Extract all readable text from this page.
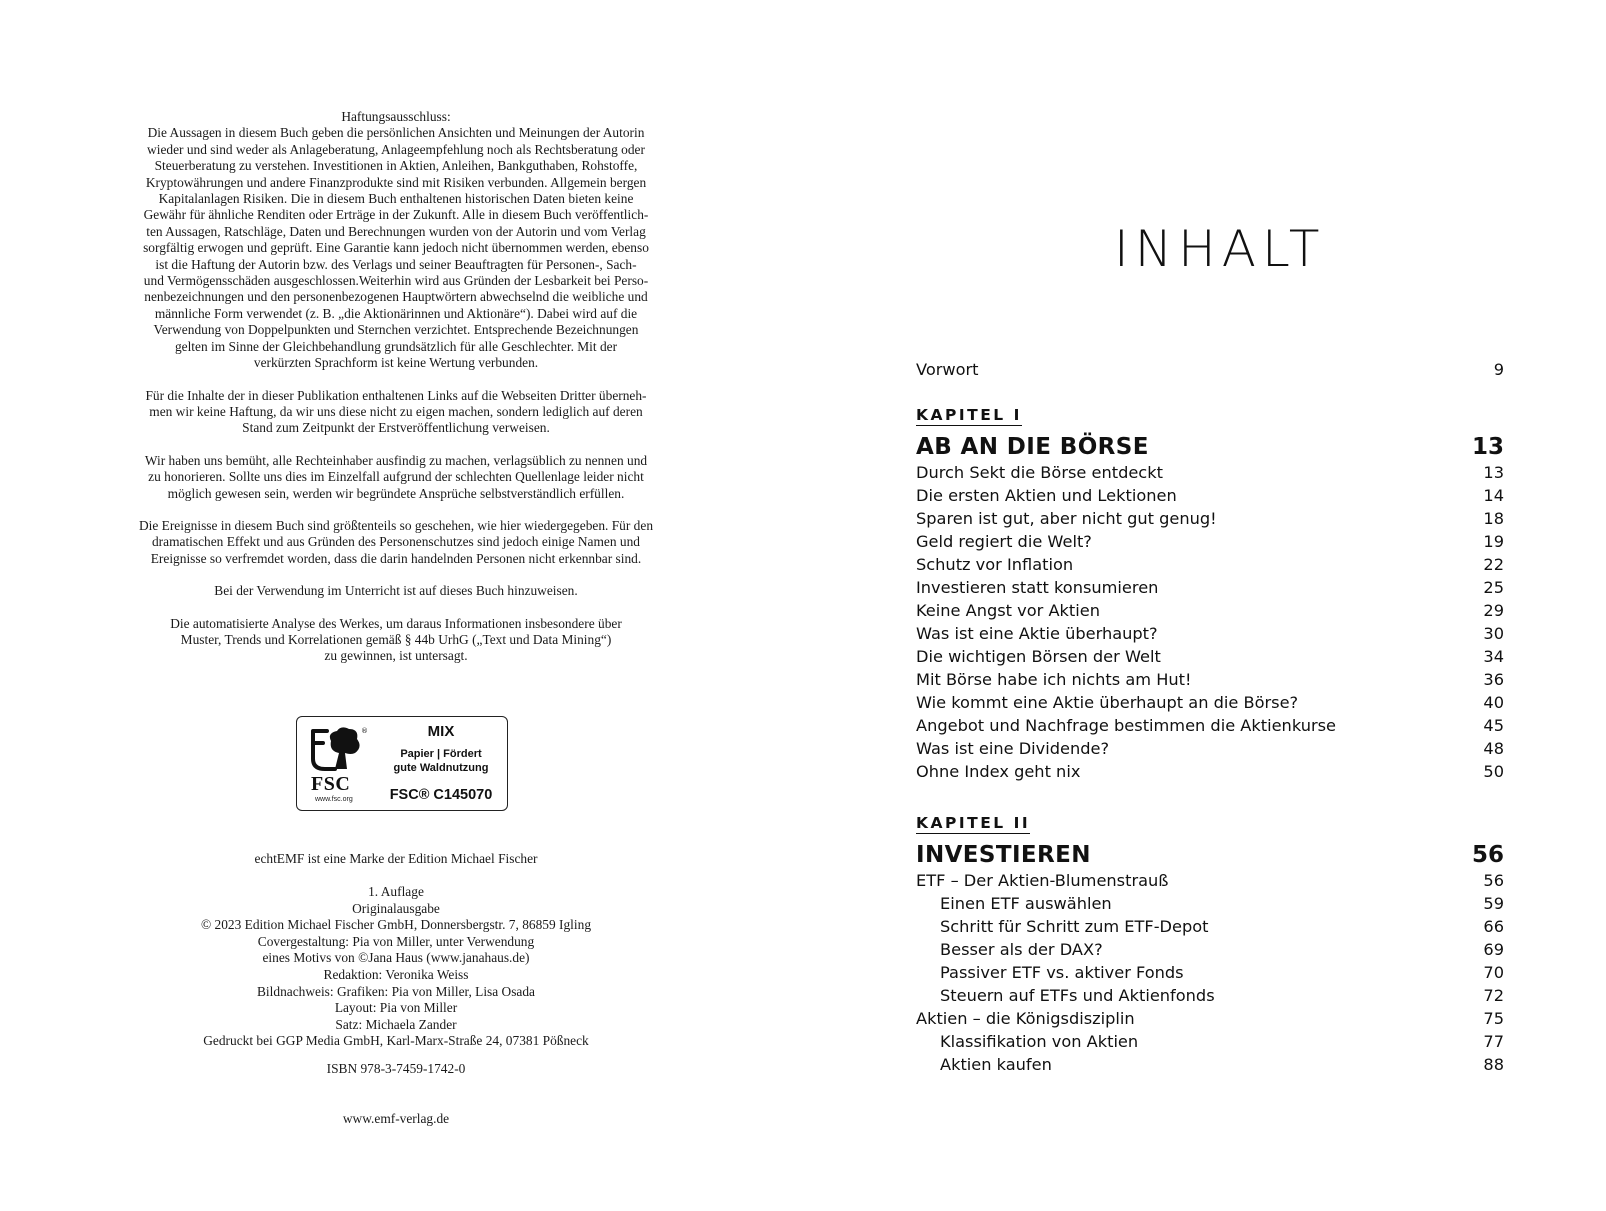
Haftungsausschluss:

Die Aussagen in diesem Buch geben die persönlichen Ansichten und Meinungen der Autorin

wieder und sind weder als Anlageberatung, Anlageempfehlung noch als Rechtsberatung oder

Steuerberatung zu verstehen. Investitionen in Aktien, Anleihen, Bankguthaben, Rohstoffe,

Kryptowährungen und andere Finanzprodukte sind mit Risiken verbunden. Allgemein bergen

Kapitalanlagen Risiken. Die in diesem Buch enthaltenen historischen Daten bieten keine

Gewähr für ähnliche Renditen oder Erträge in der Zukunft. Alle in diesem Buch veröffentlich-

ten Aussagen, Ratschläge, Daten und Berechnungen wurden von der Autorin und vom Verlag

sorgfältig erwogen und geprüft. Eine Garantie kann jedoch nicht übernommen werden, ebenso

ist die Haftung der Autorin bzw. des Verlags und seiner Beauftragten für Personen-, Sach-

und Vermögensschäden ausgeschlossen.Weiterhin wird aus Gründen der Lesbarkeit bei Perso-

nenbezeichnungen und den personenbezogenen Hauptwörtern abwechselnd die weibliche und

männliche Form verwendet (z. B. „die Aktionärinnen und Aktionäre“). Dabei wird auf die

Verwendung von Doppelpunkten und Sternchen verzichtet. Entsprechende Bezeichnungen

gelten im Sinne der Gleichbehandlung grundsätzlich für alle Geschlechter. Mit der

verkürzten Sprachform ist keine Wertung verbunden.

Für die Inhalte der in dieser Publikation enthaltenen Links auf die Webseiten Dritter überneh-

men wir keine Haftung, da wir uns diese nicht zu eigen machen, sondern lediglich auf deren

Stand zum Zeitpunkt der Erstveröffentlichung verweisen.

Wir haben uns bemüht, alle Rechteinhaber ausfindig zu machen, verlagsüblich zu nennen und

zu honorieren. Sollte uns dies im Einzelfall aufgrund der schlechten Quellenlage leider nicht

möglich gewesen sein, werden wir begründete Ansprüche selbstverständlich erfüllen.

Die Ereignisse in diesem Buch sind größtenteils so geschehen, wie hier wiedergegeben. Für den

dramatischen Effekt und aus Gründen des Personenschutzes sind jedoch einige Namen und

Ereignisse so verfremdet worden, dass die darin handelnden Personen nicht erkennbar sind.

Bei der Verwendung im Unterricht ist auf dieses Buch hinzuweisen.

Die automatisierte Analyse des Werkes, um daraus Informationen insbesondere über

Muster, Trends und Korrelationen gemäß § 44b UrhG („Text und Data Mining“)

zu gewinnen, ist untersagt.

®
FSC
www.fsc.org
MIX
Papier | Fördert
gute Waldnutzung
FSC® C145070

echtEMF ist eine Marke der Edition Michael Fischer

1. Auflage

Originalausgabe

© 2023 Edition Michael Fischer GmbH, Donnersbergstr. 7, 86859 Igling

Covergestaltung: Pia von Miller, unter Verwendung

eines Motivs von ©Jana Haus (www.janahaus.de)

Redaktion: Veronika Weiss

Bildnachweis: Grafiken: Pia von Miller, Lisa Osada

Layout: Pia von Miller

Satz: Michaela Zander

Gedruckt bei GGP Media GmbH, Karl-Marx-Straße 24, 07381 Pößneck

ISBN 978-3-7459-1742-0

www.emf-verlag.de

INHALT
Vorwort	9
KAPITEL I
AB AN DIE BÖRSE	13
Durch Sekt die Börse entdeckt	13
Die ersten Aktien und Lektionen	14
Sparen ist gut, aber nicht gut genug!	18
Geld regiert die Welt?	19
Schutz vor Inflation	22
Investieren statt konsumieren	25
Keine Angst vor Aktien	29
Was ist eine Aktie überhaupt?	30
Die wichtigen Börsen der Welt	34
Mit Börse habe ich nichts am Hut!	36
Wie kommt eine Aktie überhaupt an die Börse?	40
Angebot und Nachfrage bestimmen die Aktienkurse	45
Was ist eine Dividende?	48
Ohne Index geht nix	50
KAPITEL II
INVESTIEREN	56
ETF – Der Aktien-Blumenstrauß	56
Einen ETF auswählen	59
Schritt für Schritt zum ETF-Depot	66
Besser als der DAX?	69
Passiver ETF vs. aktiver Fonds	70
Steuern auf ETFs und Aktienfonds	72
Aktien – die Königsdisziplin	75
Klassifikation von Aktien	77
Aktien kaufen	88
